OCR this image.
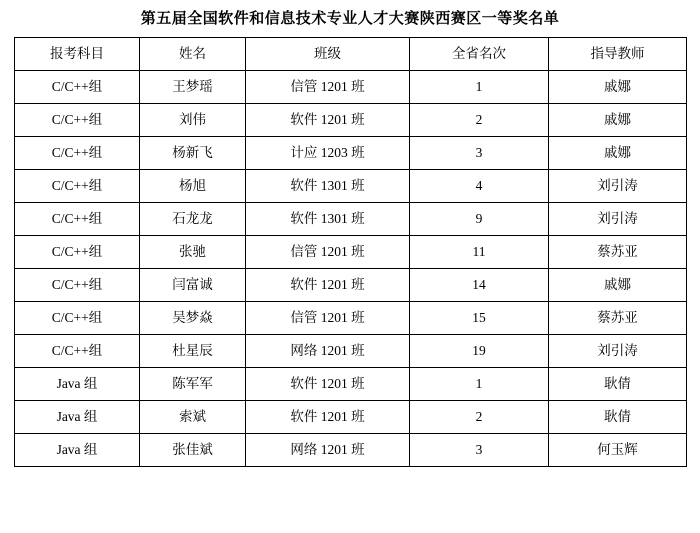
第五届全国软件和信息技术专业人才大赛陕西赛区一等奖名单
报考科目	姓名	班级	全省名次	指导教师
C/C++组	王梦瑶	信管 1201 班	1	戚娜
C/C++组	刘伟	软件 1201 班	2	戚娜
C/C++组	杨新飞	计应 1203 班	3	戚娜
C/C++组	杨旭	软件 1301 班	4	刘引涛
C/C++组	石龙龙	软件 1301 班	9	刘引涛
C/C++组	张驰	信管 1201 班	11	蔡苏亚
C/C++组	闫富诚	软件 1201 班	14	戚娜
C/C++组	吴梦焱	信管 1201 班	15	蔡苏亚
C/C++组	杜星辰	网络 1201 班	19	刘引涛
Java 组	陈军军	软件 1201 班	1	耿倩
Java 组	索斌	软件 1201 班	2	耿倩
Java 组	张佳斌	网络 1201 班	3	何玉辉
